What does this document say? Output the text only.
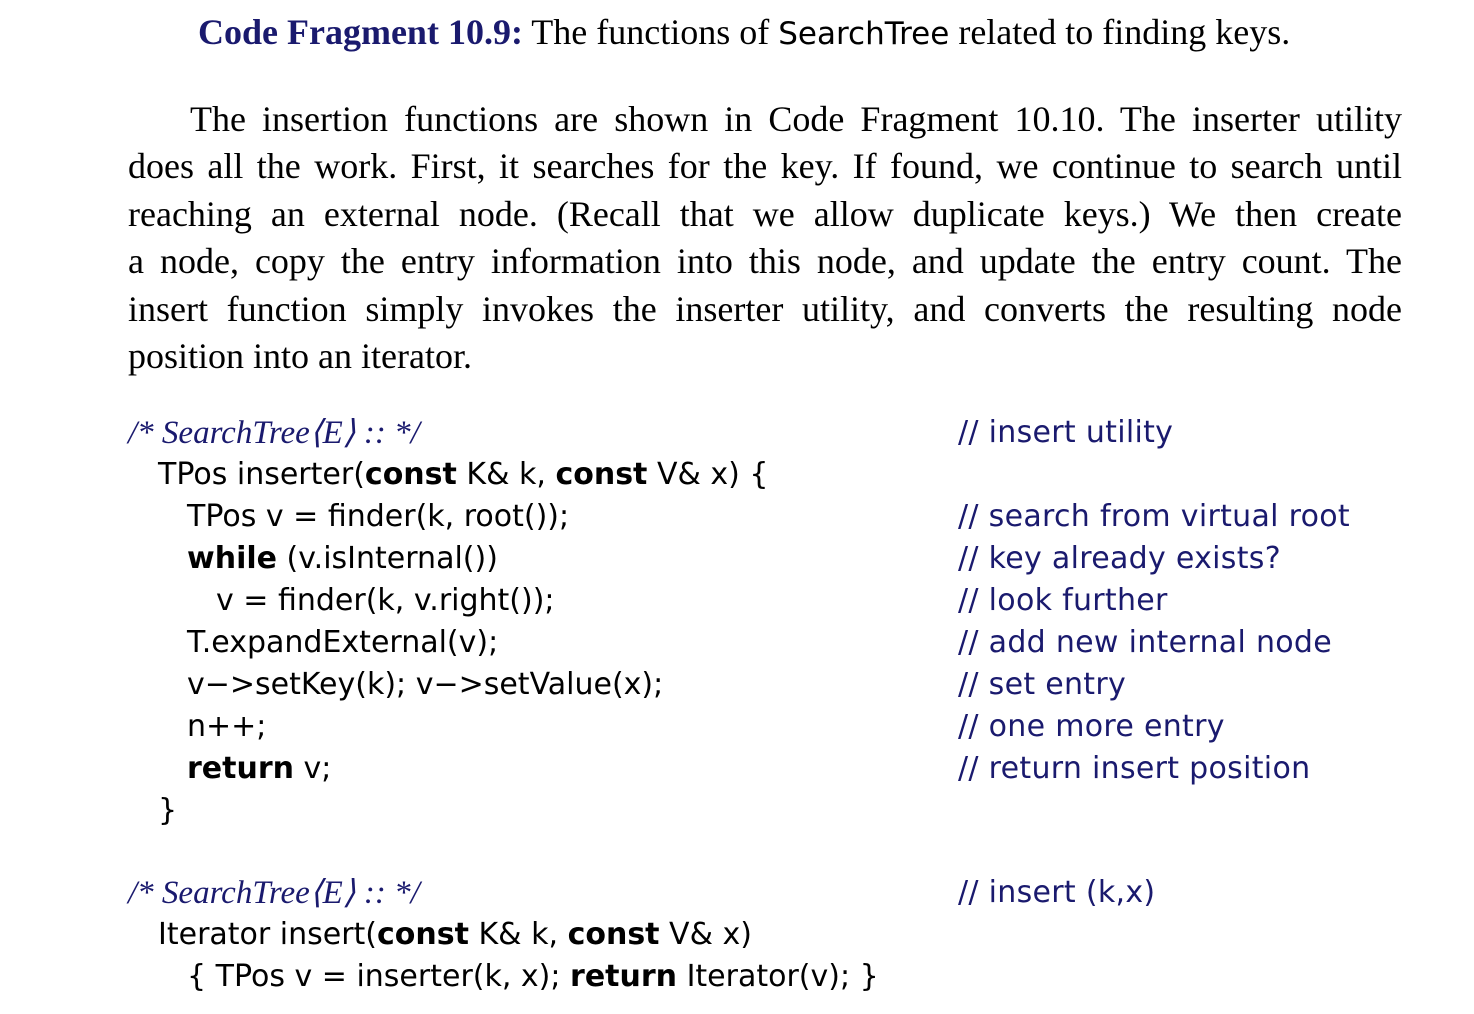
Code Fragment 10.9: The functions of SearchTree related to finding keys.
The insertion functions are shown in Code Fragment 10.10. The inserter utility
does all the work. First, it searches for the key. If found, we continue to search until
reaching an external node. (Recall that we allow duplicate keys.) We then create
a node, copy the entry information into this node, and update the entry count. The
insert function simply invokes the inserter utility, and converts the resulting node
position into an iterator.
/* SearchTree⟨E⟩ :: */	// insert utility
TPos inserter(const K& k, const V& x) {
TPos v = finder(k, root());	// search from virtual root
while (v.isInternal())	// key already exists?
v = finder(k, v.right());	// look further
T.expandExternal(v);	// add new internal node
v−>setKey(k); v−>setValue(x);	// set entry
n++;	// one more entry
return v;	// return insert position
}
/* SearchTree⟨E⟩ :: */	// insert (k,x)
Iterator insert(const K& k, const V& x)
{ TPos v = inserter(k, x); return Iterator(v); }
